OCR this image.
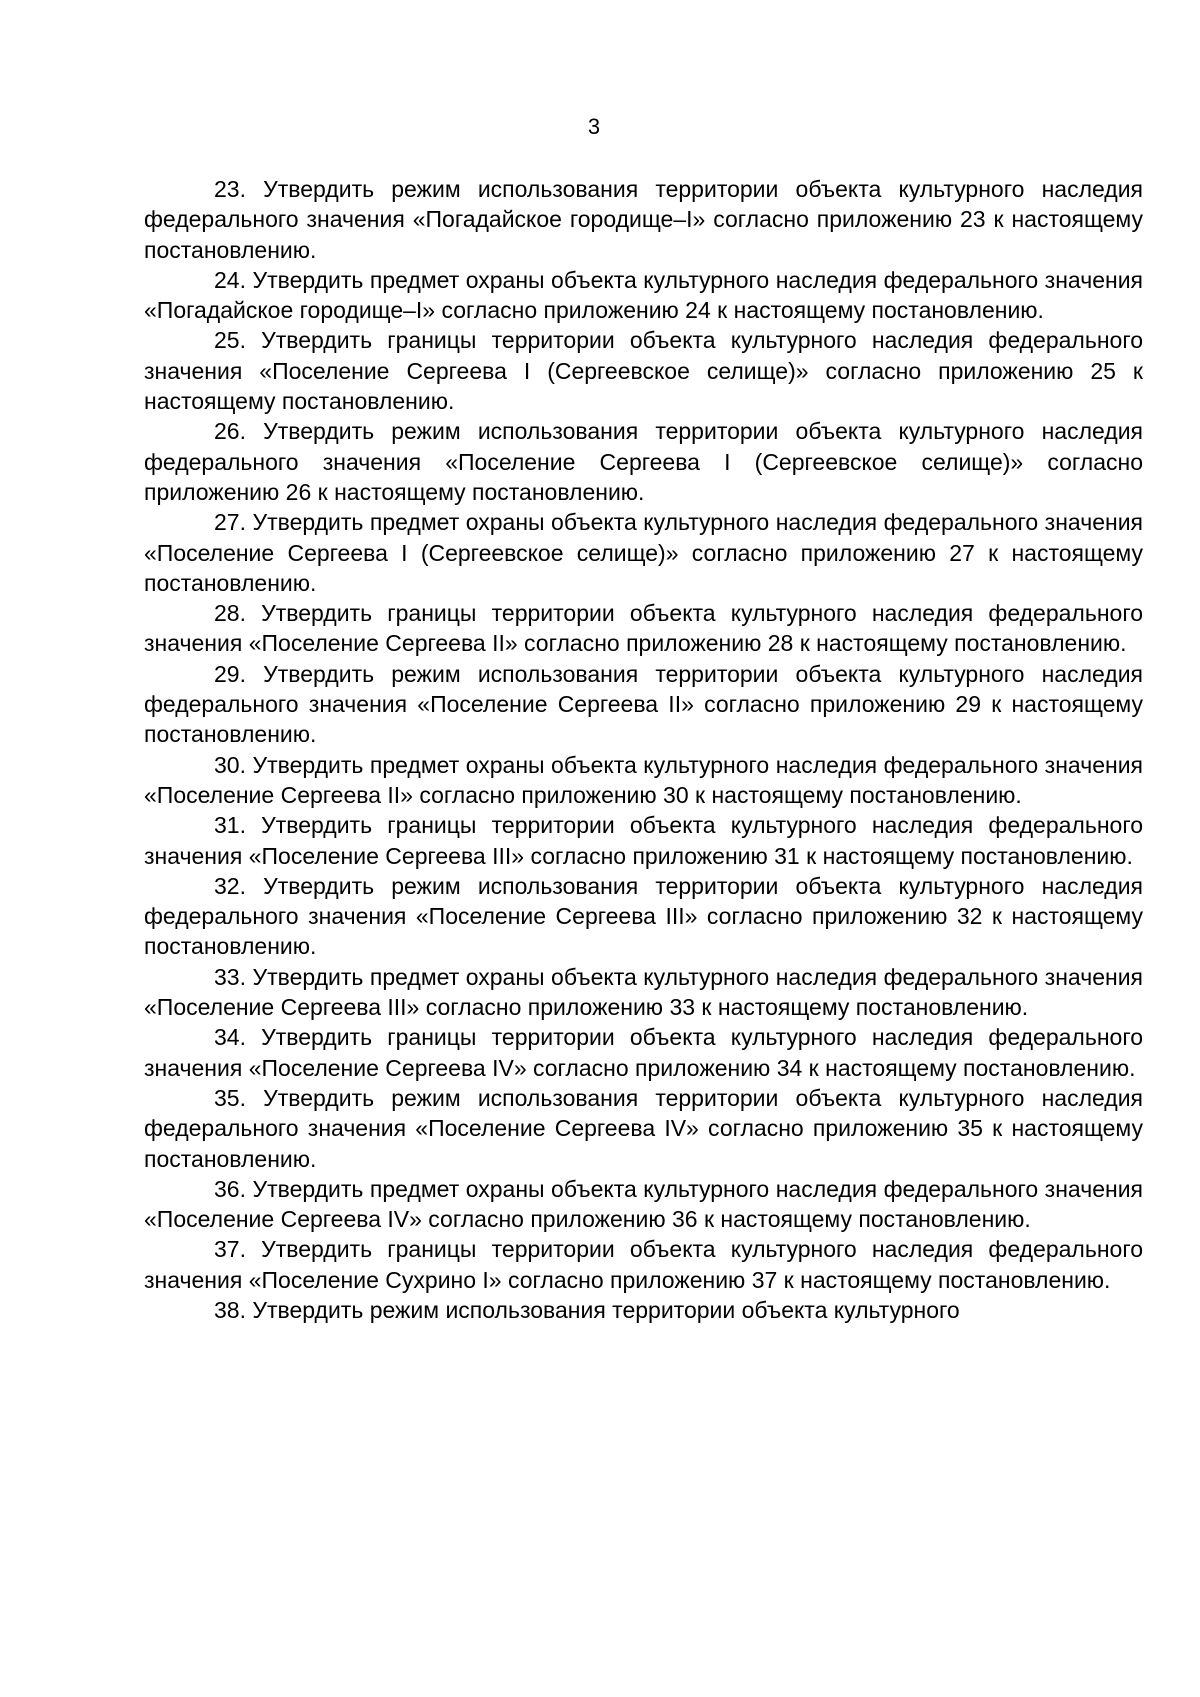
3

23. Утвердить режим использования территории объекта культурного наследия федерального значения «Погадайское городище–I» согласно приложению 23 к настоящему постановлению.

24. Утвердить предмет охраны объекта культурного наследия федерального значения «Погадайское городище–I» согласно приложению 24 к настоящему постановлению.

25. Утвердить границы территории объекта культурного наследия федерального значения «Поселение Сергеева I (Сергеевское селище)» согласно приложению 25 к настоящему постановлению.

26. Утвердить режим использования территории объекта культурного наследия федерального значения «Поселение Сергеева I (Сергеевское селище)» согласно приложению 26 к настоящему постановлению.

27. Утвердить предмет охраны объекта культурного наследия федерального значения «Поселение Сергеева I (Сергеевское селище)» согласно приложению 27 к настоящему постановлению.

28. Утвердить границы территории объекта культурного наследия федерального значения «Поселение Сергеева II» согласно приложению 28 к настоящему постановлению.

29. Утвердить режим использования территории объекта культурного наследия федерального значения «Поселение Сергеева II» согласно приложению 29 к настоящему постановлению.

30. Утвердить предмет охраны объекта культурного наследия федерального значения «Поселение Сергеева II» согласно приложению 30 к настоящему постановлению.

31. Утвердить границы территории объекта культурного наследия федерального значения «Поселение Сергеева III» согласно приложению 31 к настоящему постановлению.

32. Утвердить режим использования территории объекта культурного наследия федерального значения «Поселение Сергеева III» согласно приложению 32 к настоящему постановлению.

33. Утвердить предмет охраны объекта культурного наследия федерального значения «Поселение Сергеева III» согласно приложению 33 к настоящему постановлению.

34. Утвердить границы территории объекта культурного наследия федерального значения «Поселение Сергеева IV» согласно приложению 34 к настоящему постановлению.

35. Утвердить режим использования территории объекта культурного наследия федерального значения «Поселение Сергеева IV» согласно приложению 35 к настоящему постановлению.

36. Утвердить предмет охраны объекта культурного наследия федерального значения «Поселение Сергеева IV» согласно приложению 36 к настоящему постановлению.

37. Утвердить границы территории объекта культурного наследия федерального значения «Поселение Сухрино I» согласно приложению 37 к настоящему постановлению.

38. Утвердить режим использования территории объекта культурного
